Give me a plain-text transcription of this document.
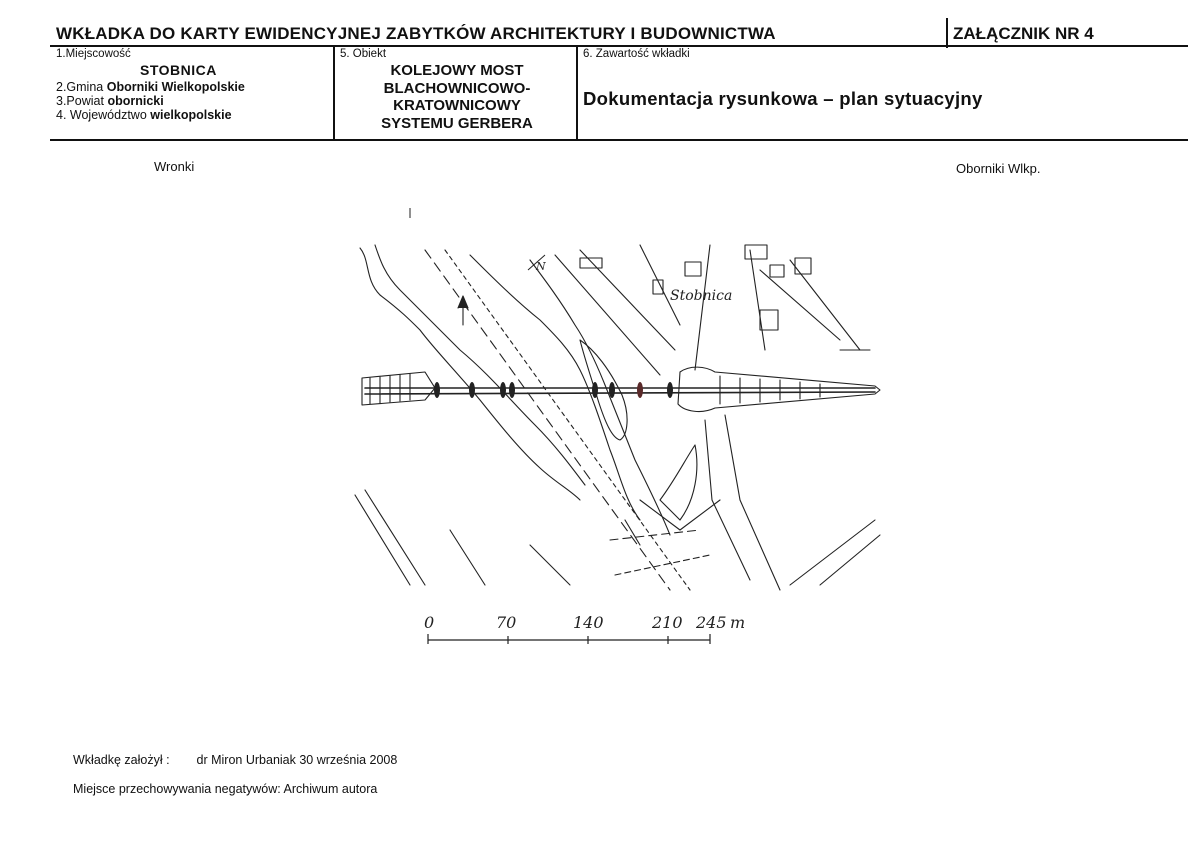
WKŁADKA DO KARTY EWIDENCYJNEJ ZABYTKÓW ARCHITEKTURY I BUDOWNICTWA	ZAŁĄCZNIK NR 4
1.Miejscowość
STOBNICA
2.Gmina Oborniki Wielkopolskie
3.Powiat obornicki
4. Województwo wielkopolskie
5. Obiekt
KOLEJOWY MOST
BLACHOWNICOWO-
KRATOWNICOWY
SYSTEMU GERBERA
6. Zawartość wkładki
Dokumentacja rysunkowa – plan sytuacyjny
Wronki	Oborniki Wlkp.
N
Stobnica
0	70	140	210 245 m
Wkładkę założył : dr Miron Urbaniak 30 września 2008
Miejsce przechowywania negatywów: Archiwum autora
